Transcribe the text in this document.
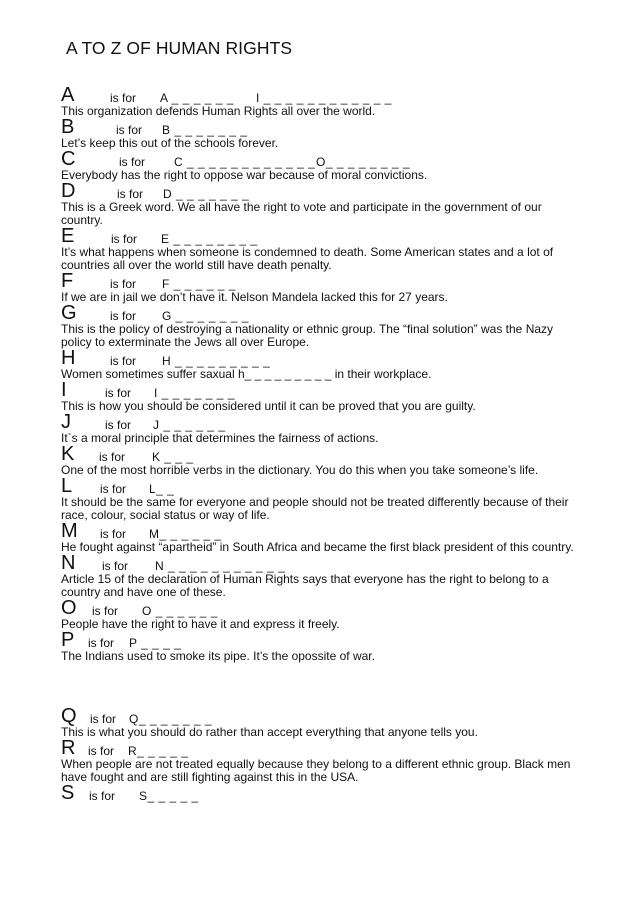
A TO Z OF HUMAN RIGHTS
A	is for A _ _ _ _ _ _ I _ _ _ _ _ _ _ _ _ _ _ _
This organization defends Human Rights all over the world.
B	is for B _ _ _ _ _ _ _
Let’s keep this out of the schools forever.
C	is for C _ _ _ _ _ _ _ _ _ _ _ _ O_ _ _ _ _ _ _ _
Everybody has the right to oppose war because of moral convictions.
D	is for D _ _ _ _ _ _ _
This is a Greek word. We all have the right to vote and participate in the government of our country.
E	is for E _ _ _ _ _ _ _ _
It’s what happens when someone is condemned to death. Some American states and a lot of countries all over the world still have death penalty.
F	is for F _ _ _ _ _ _
If we are in jail we don’t have it. Nelson Mandela lacked this for 27 years.
G	is for G _ _ _ _ _ _ _
This is the policy of destroying a nationality or ethnic group. The “final solution” was the Nazy policy to exterminate the Jews all over Europe.
H	is for H _ _ _ _ _ _ _ _ _
Women sometimes suffer saxual h_ _ _ _ _ _ _ _ _ in their workplace.
I	is for I _ _ _ _ _ _ _
This is how you should be considered until it can be proved that you are guilty.
J	is for J _ _ _ _ _ _
It`s a moral principle that determines the fairness of actions.
K is for K _ _ _
One of the most horrible verbs in the dictionary. You do this when you take someone’s life.
L is for L_ _
It should be the same for everyone and people should not be treated differently because of their race, colour, social status or way of life.
M is for M_ _ _ _ _ _
He fought against “apartheid” in South Africa and became the first black president of this country.
N is for N _ _ _ _ _ _ _ _ _ _ _
Article 15 of the declaration of Human Rights says that everyone has the right to belong to a country and have one of these.
O is for O _ _ _ _ _ _
People have the right to have it and express it freely.
P is for P _ _ _ _
The Indians used to smoke its pipe. It’s the opossite of war.
Q is for Q_ _ _ _ _ _ _
This is what you should do rather than accept everything that anyone tells you.
R is for R_ _ _ _ _
When people are not treated equally because they belong to a different ethnic group. Black men have fought and are still fighting against this in the USA.
S is for S_ _ _ _ _
